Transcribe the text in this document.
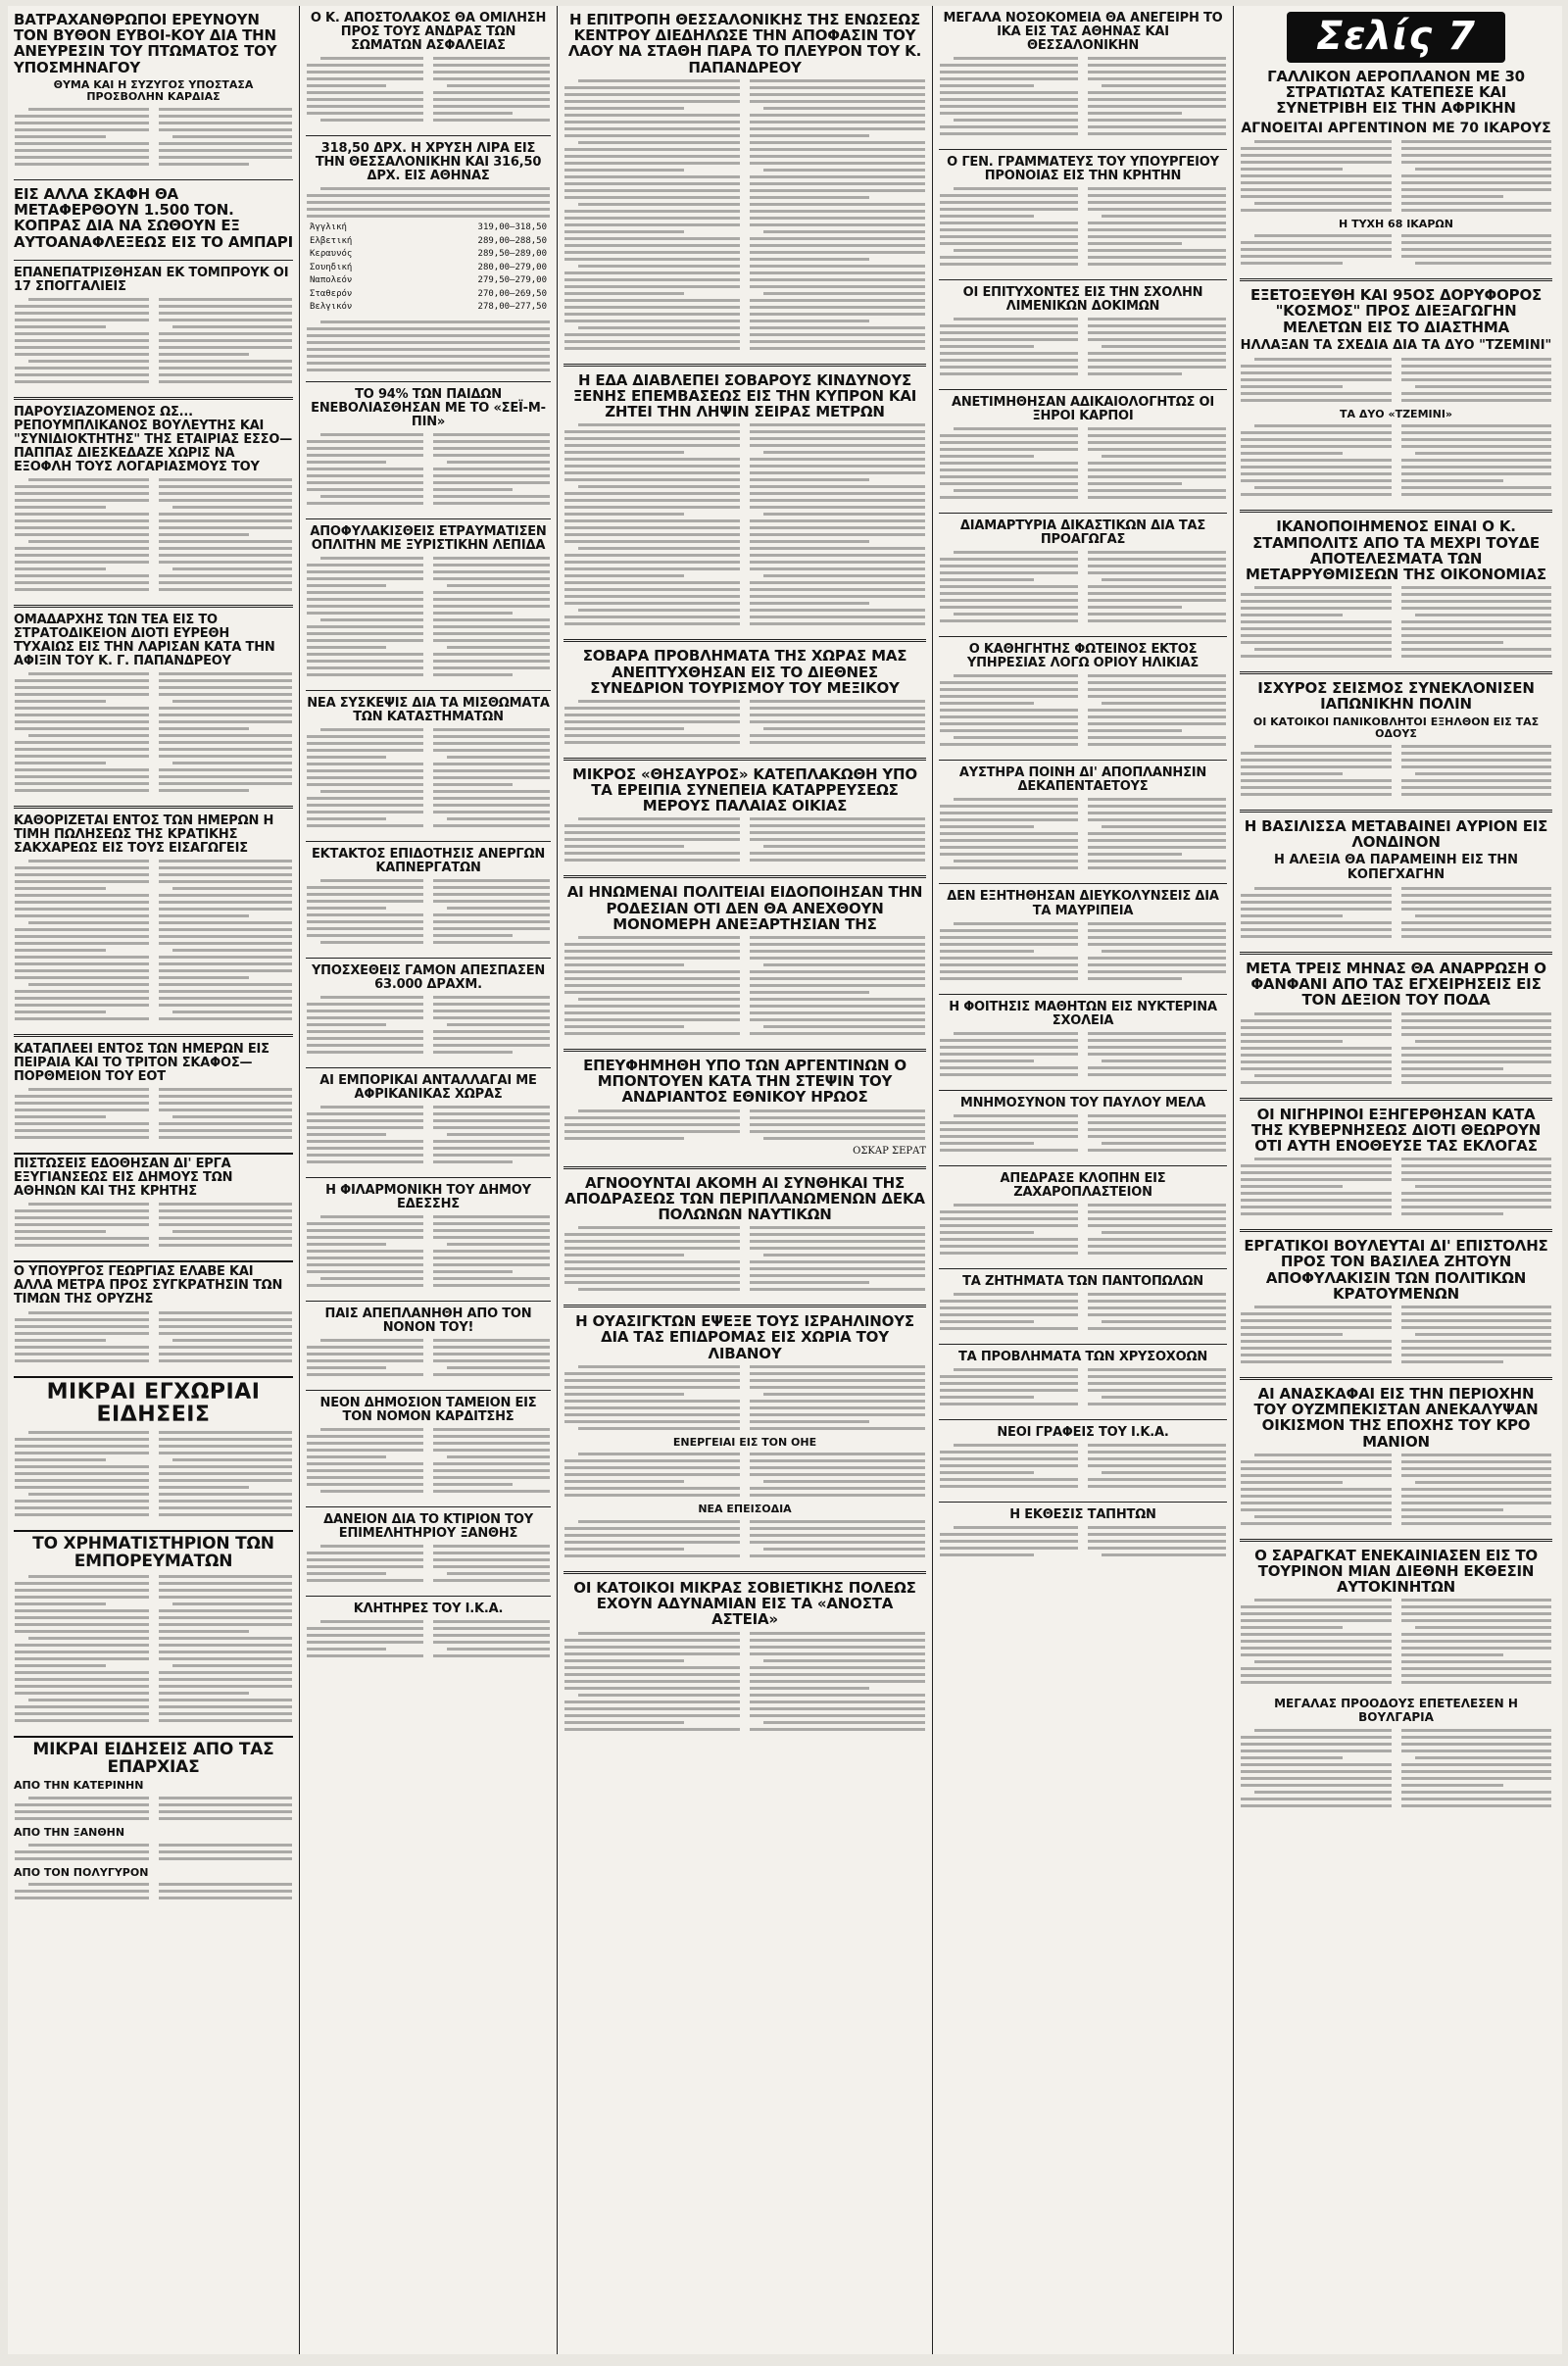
ΒΑΤΡΑΧΑΝΘΡΩΠΟΙ ΕΡΕΥΝΟΥΝ ΤΟΝ ΒΥΘΟΝ ΕΥΒΟΙ-ΚΟΥ ΔΙΑ ΤΗΝ ΑΝΕΥΡΕΣΙΝ ΤΟΥ ΠΤΩΜΑΤΟΣ ΤΟΥ ΥΠΟΣΜΗΝΑΓΟΥ
ΘΥΜΑ ΚΑΙ Η ΣΥΖΥΓΟΣ ΥΠΟΣΤΑΣΑ ΠΡΟΣΒΟΛΗΝ ΚΑΡΔΙΑΣ
ΕΙΣ ΑΛΛΑ ΣΚΑΦΗ ΘΑ ΜΕΤΑΦΕΡΘΟΥΝ 1.500 ΤΟΝ. ΚΟΠΡΑΣ ΔΙΑ ΝΑ ΣΩΘΟΥΝ ΕΞ ΑΥΤΟΑΝΑΦΛΕΞΕΩΣ ΕΙΣ ΤΟ ΑΜΠΑΡΙ
ΕΠΑΝΕΠΑΤΡΙΣΘΗΣΑΝ ΕΚ ΤΟΜΠΡΟΥΚ ΟΙ 17 ΣΠΟΓΓΑΛΙΕΙΣ
ΠΑΡΟΥΣΙΑΖΟΜΕΝΟΣ ΩΣ... ΡΕΠΟΥΜΠΛΙΚΑΝΟΣ ΒΟΥΛΕΥΤΗΣ ΚΑΙ "ΣΥΝΙΔΙΟΚΤΗΤΗΣ" ΤΗΣ ΕΤΑΙΡΙΑΣ ΕΣΣΟ—ΠΑΠΠΑΣ ΔΙΕΣΚΕΔΑΖΕ ΧΩΡΙΣ ΝΑ ΕΞΟΦΛΗ ΤΟΥΣ ΛΟΓΑΡΙΑΣΜΟΥΣ ΤΟΥ
ΟΜΑΔΑΡΧΗΣ ΤΩΝ ΤΕΑ ΕΙΣ ΤΟ ΣΤΡΑΤΟΔΙΚΕΙΟΝ ΔΙΟΤΙ ΕΥΡΕΘΗ ΤΥΧΑΙΩΣ ΕΙΣ ΤΗΝ ΛΑΡΙΣΑΝ ΚΑΤΑ ΤΗΝ ΑΦΙΞΙΝ ΤΟΥ Κ. Γ. ΠΑΠΑΝΔΡΕΟΥ
ΚΑΘΟΡΙΖΕΤΑΙ ΕΝΤΟΣ ΤΩΝ ΗΜΕΡΩΝ Η ΤΙΜΗ ΠΩΛΗΣΕΩΣ ΤΗΣ ΚΡΑΤΙΚΗΣ ΣΑΚΧΑΡΕΩΣ ΕΙΣ ΤΟΥΣ ΕΙΣΑΓΩΓΕΙΣ
ΚΑΤΑΠΛΕΕΙ ΕΝΤΟΣ ΤΩΝ ΗΜΕΡΩΝ ΕΙΣ ΠΕΙΡΑΙΑ ΚΑΙ ΤΟ ΤΡΙΤΟΝ ΣΚΑΦΟΣ—ΠΟΡΘΜΕΙΟΝ ΤΟΥ ΕΟΤ
ΠΙΣΤΩΣΕΙΣ ΕΔΟΘΗΣΑΝ ΔΙ' ΕΡΓΑ ΕΞΥΓΙΑΝΣΕΩΣ ΕΙΣ ΔΗΜΟΥΣ ΤΩΝ ΑΘΗΝΩΝ ΚΑΙ ΤΗΣ ΚΡΗΤΗΣ
Ο ΥΠΟΥΡΓΟΣ ΓΕΩΡΓΙΑΣ ΕΛΑΒΕ ΚΑΙ ΑΛΛΑ ΜΕΤΡΑ ΠΡΟΣ ΣΥΓΚΡΑΤΗΣΙΝ ΤΩΝ ΤΙΜΩΝ ΤΗΣ ΟΡΥΖΗΣ
ΜΙΚΡΑΙ ΕΓΧΩΡΙΑΙ ΕΙΔΗΣΕΙΣ
ΤΟ ΧΡΗΜΑΤΙΣΤΗΡΙΟΝ ΤΩΝ ΕΜΠΟΡΕΥΜΑΤΩΝ
ΜΙΚΡΑΙ ΕΙΔΗΣΕΙΣ ΑΠΟ ΤΑΣ ΕΠΑΡΧΙΑΣ
ΑΠΟ ΤΗΝ ΚΑΤΕΡΙΝΗΝ
ΑΠΟ ΤΗΝ ΞΑΝΘΗΝ
ΑΠΟ ΤΟΝ ΠΟΛΥΓΥΡΟΝ
Ο Κ. ΑΠΟΣΤΟΛΑΚΟΣ ΘΑ ΟΜΙΛΗΣΗ ΠΡΟΣ ΤΟΥΣ ΑΝΔΡΑΣ ΤΩΝ ΣΩΜΑΤΩΝ ΑΣΦΑΛΕΙΑΣ
318,50 ΔΡΧ. Η ΧΡΥΣΗ ΛΙΡΑ ΕΙΣ ΤΗΝ ΘΕΣΣΑΛΟΝΙΚΗΝ ΚΑΙ 316,50 ΔΡΧ. ΕΙΣ ΑΘΗΝΑΣ
Άγγλική	319,00—318,50
Ελβετική	289,00—288,50
Κεραυνός	289,50—289,00
Σουηδική	280,00—279,00
Ναπολεόν	279,50—279,00
Σταθερόν	270,00—269,50
Βελγικόν	278,00—277,50
ΤΟ 94% ΤΩΝ ΠΑΙΔΩΝ ΕΝΕΒΟΛΙΑΣΘΗΣΑΝ ΜΕ ΤΟ «ΣΕΪ-Μ-ΠΙΝ»
ΑΠΟΦΥΛΑΚΙΣΘΕΙΣ ΕΤΡΑΥΜΑΤΙΣΕΝ ΟΠΛΙΤΗΝ ΜΕ ΞΥΡΙΣΤΙΚΗΝ ΛΕΠΙΔΑ
ΝΕΑ ΣΥΣΚΕΨΙΣ ΔΙΑ ΤΑ ΜΙΣΘΩΜΑΤΑ ΤΩΝ ΚΑΤΑΣΤΗΜΑΤΩΝ
ΕΚΤΑΚΤΟΣ ΕΠΙΔΟΤΗΣΙΣ ΑΝΕΡΓΩΝ ΚΑΠΝΕΡΓΑΤΩΝ
ΥΠΟΣΧΕΘΕΙΣ ΓΑΜΟΝ ΑΠΕΣΠΑΣΕΝ 63.000 ΔΡΑΧΜ.
ΑΙ ΕΜΠΟΡΙΚΑΙ ΑΝΤΑΛΛΑΓΑΙ ΜΕ ΑΦΡΙΚΑΝΙΚΑΣ ΧΩΡΑΣ
Η ΦΙΛΑΡΜΟΝΙΚΗ ΤΟΥ ΔΗΜΟΥ ΕΔΕΣΣΗΣ
ΠΑΙΣ ΑΠΕΠΛΑΝΗΘΗ ΑΠΟ ΤΟΝ ΝΟΝΟΝ ΤΟΥ!
ΝΕΟΝ ΔΗΜΟΣΙΟΝ ΤΑΜΕΙΟΝ ΕΙΣ ΤΟΝ ΝΟΜΟΝ ΚΑΡΔΙΤΣΗΣ
ΔΑΝΕΙΟΝ ΔΙΑ ΤΟ ΚΤΙΡΙΟΝ ΤΟΥ ΕΠΙΜΕΛΗΤΗΡΙΟΥ ΞΑΝΘΗΣ
ΚΛΗΤΗΡΕΣ ΤΟΥ Ι.Κ.Α.
Η ΕΠΙΤΡΟΠΗ ΘΕΣΣΑΛΟΝΙΚΗΣ ΤΗΣ ΕΝΩΣΕΩΣ ΚΕΝΤΡΟΥ ΔΙΕΔΗΛΩΣΕ ΤΗΝ ΑΠΟΦΑΣΙΝ ΤΟΥ ΛΑΟΥ ΝΑ ΣΤΑΘΗ ΠΑΡΑ ΤΟ ΠΛΕΥΡΟΝ ΤΟΥ Κ. ΠΑΠΑΝΔΡΕΟΥ
Η ΕΔΑ ΔΙΑΒΛΕΠΕΙ ΣΟΒΑΡΟΥΣ ΚΙΝΔΥΝΟΥΣ ΞΕΝΗΣ ΕΠΕΜΒΑΣΕΩΣ ΕΙΣ ΤΗΝ ΚΥΠΡΟΝ ΚΑΙ ΖΗΤΕΙ ΤΗΝ ΛΗΨΙΝ ΣΕΙΡΑΣ ΜΕΤΡΩΝ
ΣΟΒΑΡΑ ΠΡΟΒΛΗΜΑΤΑ ΤΗΣ ΧΩΡΑΣ ΜΑΣ ΑΝΕΠΤΥΧΘΗΣΑΝ ΕΙΣ ΤΟ ΔΙΕΘΝΕΣ ΣΥΝΕΔΡΙΟΝ ΤΟΥΡΙΣΜΟΥ ΤΟΥ ΜΕΞΙΚΟΥ
ΜΙΚΡΟΣ «ΘΗΣΑΥΡΟΣ» ΚΑΤΕΠΛΑΚΩΘΗ ΥΠΟ ΤΑ ΕΡΕΙΠΙΑ ΣΥΝΕΠΕΙΑ ΚΑΤΑΡΡΕΥΣΕΩΣ ΜΕΡΟΥΣ ΠΑΛΑΙΑΣ ΟΙΚΙΑΣ
ΑΙ ΗΝΩΜΕΝΑΙ ΠΟΛΙΤΕΙΑΙ ΕΙΔΟΠΟΙΗΣΑΝ ΤΗΝ ΡΟΔΕΣΙΑΝ ΟΤΙ ΔΕΝ ΘΑ ΑΝΕΧΘΟΥΝ ΜΟΝΟΜΕΡΗ ΑΝΕΞΑΡΤΗΣΙΑΝ ΤΗΣ
ΕΠΕΥΦΗΜΗΘΗ ΥΠΟ ΤΩΝ ΑΡΓΕΝΤΙΝΩΝ Ο ΜΠΟΝΤΟΥΕΝ ΚΑΤΑ ΤΗΝ ΣΤΕΨΙΝ ΤΟΥ ΑΝΔΡΙΑΝΤΟΣ ΕΘΝΙΚΟΥ ΗΡΩΟΣ
ΟΣΚΑΡ ΣΕΡΑΤ
ΑΓΝΟΟΥΝΤΑΙ ΑΚΟΜΗ ΑΙ ΣΥΝΘΗΚΑΙ ΤΗΣ ΑΠΟΔΡΑΣΕΩΣ ΤΩΝ ΠΕΡΙΠΛΑΝΩΜΕΝΩΝ ΔΕΚΑ ΠΟΛΩΝΩΝ ΝΑΥΤΙΚΩΝ
Η ΟΥΑΣΙΓΚΤΩΝ ΕΨΕΞΕ ΤΟΥΣ ΙΣΡΑΗΛΙΝΟΥΣ ΔΙΑ ΤΑΣ ΕΠΙΔΡΟΜΑΣ ΕΙΣ ΧΩΡΙΑ ΤΟΥ ΛΙΒΑΝΟΥ
ΕΝΕΡΓΕΙΑΙ ΕΙΣ ΤΟΝ ΟΗΕ
ΝΕΑ ΕΠΕΙΣΟΔΙΑ
ΟΙ ΚΑΤΟΙΚΟΙ ΜΙΚΡΑΣ ΣΟΒΙΕΤΙΚΗΣ ΠΟΛΕΩΣ ΕΧΟΥΝ ΑΔΥΝΑΜΙΑΝ ΕΙΣ ΤΑ «ΑΝΟΣΤΑ ΑΣΤΕΙΑ»
ΜΕΓΑΛΑ ΝΟΣΟΚΟΜΕΙΑ ΘΑ ΑΝΕΓΕΙΡΗ ΤΟ ΙΚΑ ΕΙΣ ΤΑΣ ΑΘΗΝΑΣ ΚΑΙ ΘΕΣΣΑΛΟΝΙΚΗΝ
Ο ΓΕΝ. ΓΡΑΜΜΑΤΕΥΣ ΤΟΥ ΥΠΟΥΡΓΕΙΟΥ ΠΡΟΝΟΙΑΣ ΕΙΣ ΤΗΝ ΚΡΗΤΗΝ
ΟΙ ΕΠΙΤΥΧΟΝΤΕΣ ΕΙΣ ΤΗΝ ΣΧΟΛΗΝ ΛΙΜΕΝΙΚΩΝ ΔΟΚΙΜΩΝ
ΑΝΕΤΙΜΗΘΗΣΑΝ ΑΔΙΚΑΙΟΛΟΓΗΤΩΣ ΟΙ ΞΗΡΟΙ ΚΑΡΠΟΙ
ΔΙΑΜΑΡΤΥΡΙΑ ΔΙΚΑΣΤΙΚΩΝ ΔΙΑ ΤΑΣ ΠΡΟΑΓΩΓΑΣ
Ο ΚΑΘΗΓΗΤΗΣ ΦΩΤΕΙΝΟΣ ΕΚΤΟΣ ΥΠΗΡΕΣΙΑΣ ΛΟΓΩ ΟΡΙΟΥ ΗΛΙΚΙΑΣ
ΑΥΣΤΗΡΑ ΠΟΙΝΗ ΔΙ' ΑΠΟΠΛΑΝΗΣΙΝ ΔΕΚΑΠΕΝΤΑΕΤΟΥΣ
ΔΕΝ ΕΞΗΤΗΘΗΣΑΝ ΔΙΕΥΚΟΛΥΝΣΕΙΣ ΔΙΑ ΤΑ ΜΑΥΡΙΠΕΙΑ
Η ΦΟΙΤΗΣΙΣ ΜΑΘΗΤΩΝ ΕΙΣ ΝΥΚΤΕΡΙΝΑ ΣΧΟΛΕΙΑ
ΜΝΗΜΟΣΥΝΟΝ ΤΟΥ ΠΑΥΛΟΥ ΜΕΛΑ
ΑΠΕΔΡΑΣΕ ΚΛΟΠΗΝ ΕΙΣ ΖΑΧΑΡΟΠΛΑΣΤΕΙΟΝ
ΤΑ ΖΗΤΗΜΑΤΑ ΤΩΝ ΠΑΝΤΟΠΩΛΩΝ
ΤΑ ΠΡΟΒΛΗΜΑΤΑ ΤΩΝ ΧΡΥΣΟΧΟΩΝ
ΝΕΟΙ ΓΡΑΦΕΙΣ ΤΟΥ Ι.Κ.Α.
Η ΕΚΘΕΣΙΣ ΤΑΠΗΤΩΝ
Σελίς 7
ΓΑΛΛΙΚΟΝ ΑΕΡΟΠΛΑΝΟΝ ΜΕ 30 ΣΤΡΑΤΙΩΤΑΣ ΚΑΤΕΠΕΣΕ ΚΑΙ ΣΥΝΕΤΡΙΒΗ ΕΙΣ ΤΗΝ ΑΦΡΙΚΗΝ
ΑΓΝΟΕΙΤΑΙ ΑΡΓΕΝΤΙΝΟΝ ΜΕ 70 ΙΚΑΡΟΥΣ
Η ΤΥΧΗ 68 ΙΚΑΡΩΝ
ΕΞΕΤΟΞΕΥΘΗ ΚΑΙ 95ΟΣ ΔΟΡΥΦΟΡΟΣ "ΚΟΣΜΟΣ" ΠΡΟΣ ΔΙΕΞΑΓΩΓΗΝ ΜΕΛΕΤΩΝ ΕΙΣ ΤΟ ΔΙΑΣΤΗΜΑ
ΗΛΛΑΞΑΝ ΤΑ ΣΧΕΔΙΑ ΔΙΑ ΤΑ ΔΥΟ "ΤΖΕΜΙΝΙ"
ΤΑ ΔΥΟ «ΤΖΕΜΙΝΙ»
ΙΚΑΝΟΠΟΙΗΜΕΝΟΣ ΕΙΝΑΙ Ο Κ. ΣΤΑΜΠΟΛΙΤΣ ΑΠΟ ΤΑ ΜΕΧΡΙ ΤΟΥΔΕ ΑΠΟΤΕΛΕΣΜΑΤΑ ΤΩΝ ΜΕΤΑΡΡΥΘΜΙΣΕΩΝ ΤΗΣ ΟΙΚΟΝΟΜΙΑΣ
ΙΣΧΥΡΟΣ ΣΕΙΣΜΟΣ ΣΥΝΕΚΛΟΝΙΣΕΝ ΙΑΠΩΝΙΚΗΝ ΠΟΛΙΝ
ΟΙ ΚΑΤΟΙΚΟΙ ΠΑΝΙΚΟΒΛΗΤΟΙ ΕΞΗΛΘΟΝ ΕΙΣ ΤΑΣ ΟΔΟΥΣ
Η ΒΑΣΙΛΙΣΣΑ ΜΕΤΑΒΑΙΝΕΙ ΑΥΡΙΟΝ ΕΙΣ ΛΟΝΔΙΝΟΝ
Η ΑΛΕΞΙΑ ΘΑ ΠΑΡΑΜΕΙΝΗ ΕΙΣ ΤΗΝ ΚΟΠΕΓΧΑΓΗΝ
ΜΕΤΑ ΤΡΕΙΣ ΜΗΝΑΣ ΘΑ ΑΝΑΡΡΩΣΗ Ο ΦΑΝΦΑΝΙ ΑΠΟ ΤΑΣ ΕΓΧΕΙΡΗΣΕΙΣ ΕΙΣ ΤΟΝ ΔΕΞΙΟΝ ΤΟΥ ΠΟΔΑ
ΟΙ ΝΙΓΗΡΙΝΟΙ ΕΞΗΓΕΡΘΗΣΑΝ ΚΑΤΑ ΤΗΣ ΚΥΒΕΡΝΗΣΕΩΣ ΔΙΟΤΙ ΘΕΩΡΟΥΝ ΟΤΙ ΑΥΤΗ ΕΝΟΘΕΥΣΕ ΤΑΣ ΕΚΛΟΓΑΣ
ΕΡΓΑΤΙΚΟΙ ΒΟΥΛΕΥΤΑΙ ΔΙ' ΕΠΙΣΤΟΛΗΣ ΠΡΟΣ ΤΟΝ ΒΑΣΙΛΕΑ ΖΗΤΟΥΝ ΑΠΟΦΥΛΑΚΙΣΙΝ ΤΩΝ ΠΟΛΙΤΙΚΩΝ ΚΡΑΤΟΥΜΕΝΩΝ
ΑΙ ΑΝΑΣΚΑΦΑΙ ΕΙΣ ΤΗΝ ΠΕΡΙΟΧΗΝ ΤΟΥ ΟΥΖΜΠΕΚΙΣΤΑΝ ΑΝΕΚΑΛΥΨΑΝ ΟΙΚΙΣΜΟΝ ΤΗΣ ΕΠΟΧΗΣ ΤΟΥ ΚΡΟ ΜΑΝΙΟΝ
Ο ΣΑΡΑΓΚΑΤ ΕΝΕΚΑΙΝΙΑΣΕΝ ΕΙΣ ΤΟ ΤΟΥΡΙΝΟΝ ΜΙΑΝ ΔΙΕΘΝΗ ΕΚΘΕΣΙΝ ΑΥΤΟΚΙΝΗΤΩΝ
ΜΕΓΑΛΑΣ ΠΡΟΟΔΟΥΣ ΕΠΕΤΕΛΕΣΕΝ Η ΒΟΥΛΓΑΡΙΑ
